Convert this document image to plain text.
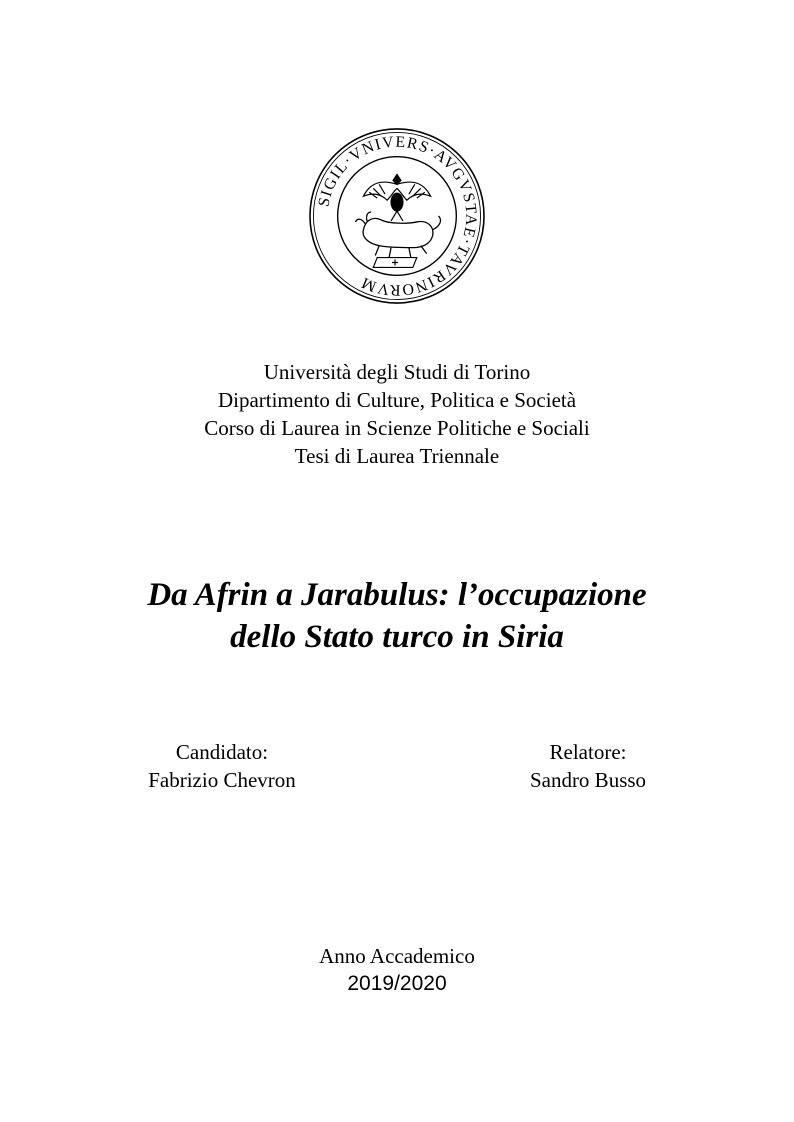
SIGIL·VNIVERS·AVGVSTAE·TAVRINORVM
Università degli Studi di Torino
Dipartimento di Culture, Politica e Società
Corso di Laurea in Scienze Politiche e Sociali
Tesi di Laurea Triennale
Da Afrin a Jarabulus: l’occupazione
dello Stato turco in Siria
Candidato:
Fabrizio Chevron
Relatore:
Sandro Busso
Anno Accademico
2019/2020
